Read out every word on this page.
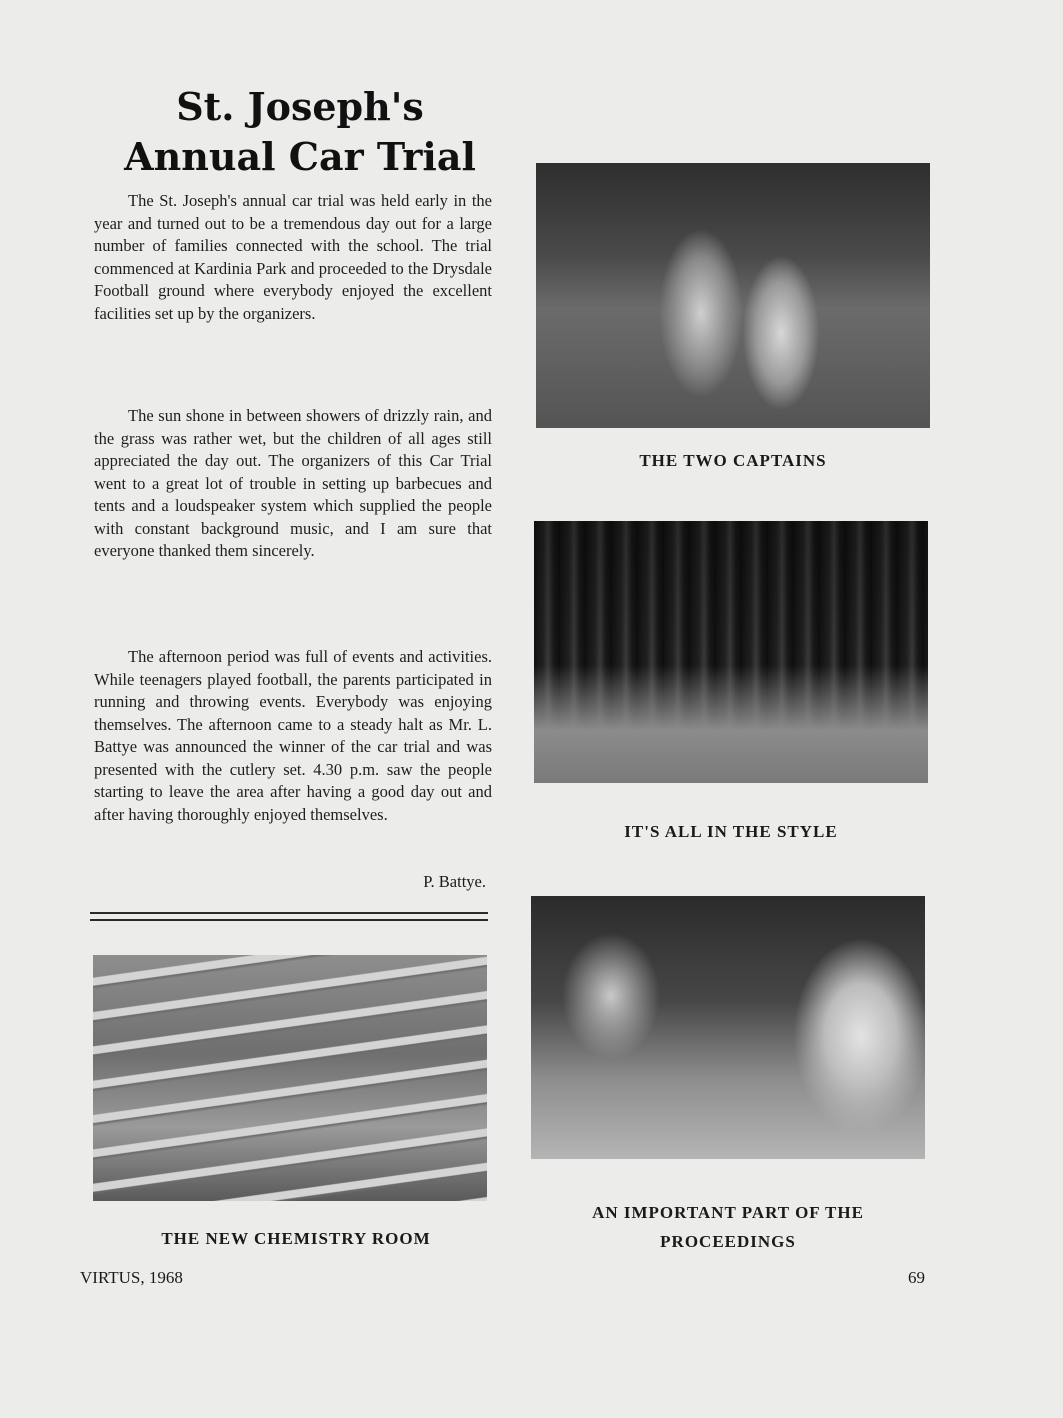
St. Joseph's
Annual Car Trial

The St. Joseph's annual car trial was held early in the year and turned out to be a tremendous day out for a large number of families connected with the school. The trial commenced at Kardinia Park and proceeded to the Drysdale Football ground where everybody enjoyed the excellent facilities set up by the organizers.

The sun shone in between showers of drizzly rain, and the grass was rather wet, but the children of all ages still appreciated the day out. The organizers of this Car Trial went to a great lot of trouble in setting up barbecues and tents and a loudspeaker system which supplied the people with constant background music, and I am sure that everyone thanked them sincerely.

The afternoon period was full of events and activities. While teenagers played football, the parents participated in running and throwing events. Everybody was enjoying themselves. The afternoon came to a steady halt as Mr. L. Battye was announced the winner of the car trial and was presented with the cutlery set. 4.30 p.m. saw the people starting to leave the area after having a good day out and after having thoroughly enjoyed themselves.

P. Battye.
THE TWO CAPTAINS
IT'S ALL IN THE STYLE
THE NEW CHEMISTRY ROOM
AN IMPORTANT PART OF THE
PROCEEDINGS
VIRTUS, 1968	69
